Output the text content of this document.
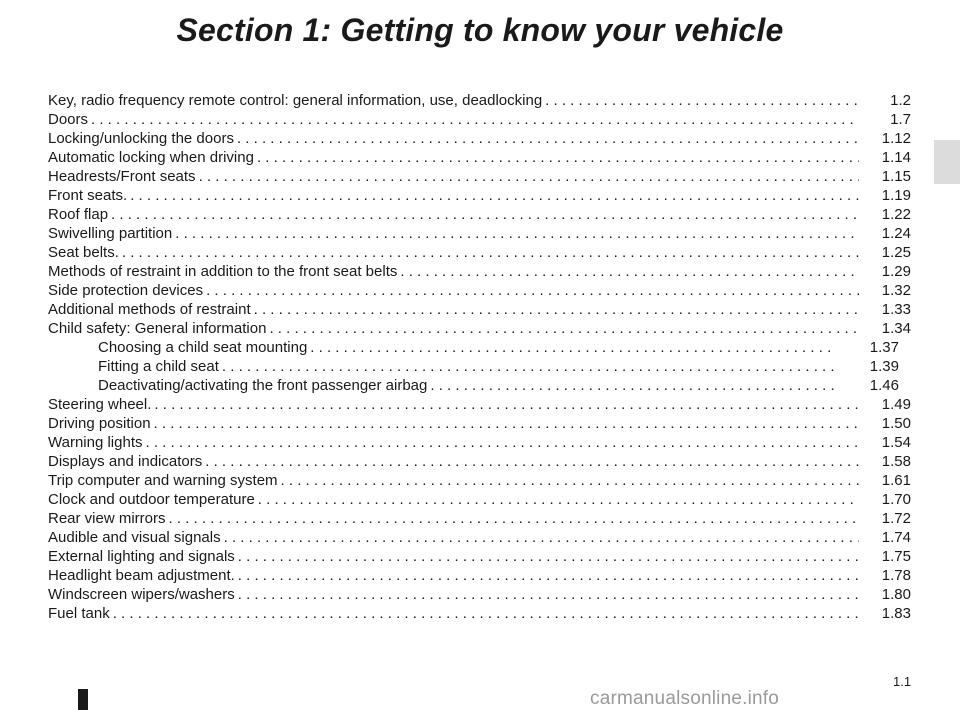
Section 1: Getting to know your vehicle
Key, radio frequency remote control: general information, use, deadlocking . . .	1.2
Doors . . .	1.7
Locking/unlocking the doors . . .	1.12
Automatic locking when driving . . .	1.14
Headrests/Front seats . . .	1.15
Front seats. . . .	1.19
Roof flap . . .	1.22
Swivelling partition . . .	1.24
Seat belts. . . .	1.25
Methods of restraint in addition to the front seat belts . . .	1.29
Side protection devices . . .	1.32
Additional methods of restraint . . .	1.33
Child safety: General information . . .	1.34
Choosing a child seat mounting . . .	1.37
Fitting a child seat . . .	1.39
Deactivating/activating the front passenger airbag . . .	1.46
Steering wheel. . . .	1.49
Driving position . . .	1.50
Warning lights . . .	1.54
Displays and indicators . . .	1.58
Trip computer and warning system . . .	1.61
Clock and outdoor temperature . . .	1.70
Rear view mirrors . . .	1.72
Audible and visual signals . . .	1.74
External lighting and signals . . .	1.75
Headlight beam adjustment. . . .	1.78
Windscreen wipers/washers . . .	1.80
Fuel tank . . .	1.83
1.1
carmanualsonline.info
